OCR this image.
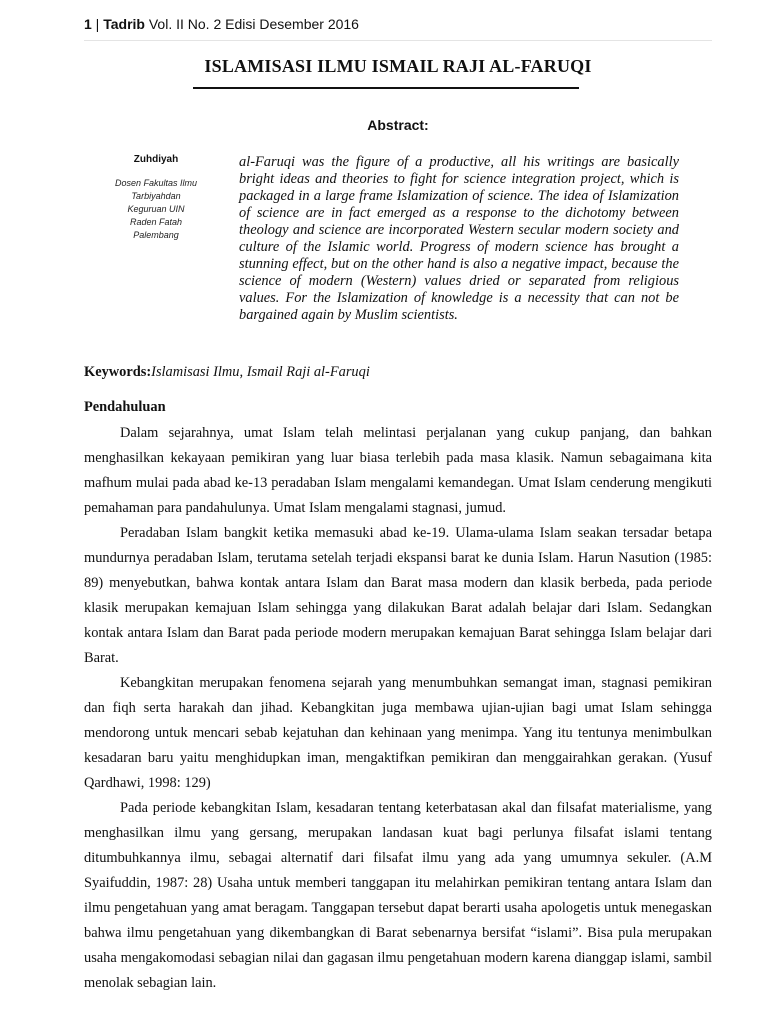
1 | Tadrib Vol. II No. 2 Edisi Desember 2016
ISLAMISASI ILMU ISMAIL RAJI AL-FARUQI
Abstract:
Zuhdiyah
Dosen Fakultas Ilmu
Tarbiyahdan
Keguruan UIN
Raden Fatah
Palembang

al-Faruqi was the figure of a productive, all his writings are basically bright ideas and theories to fight for science integration project, which is packaged in a large frame Islamization of science. The idea of Islamization of science are in fact emerged as a response to the dichotomy between theology and science are incorporated Western secular modern society and culture of the Islamic world. Progress of modern science has brought a stunning effect, but on the other hand is also a negative impact, because the science of modern (Western) values dried or separated from religious values. For the Islamization of knowledge is a necessity that can not be bargained again by Muslim scientists.

Keywords:Islamisasi Ilmu, Ismail Raji al-Faruqi
Pendahuluan

Dalam sejarahnya, umat Islam telah melintasi perjalanan yang cukup panjang, dan bahkan menghasilkan kekayaan pemikiran yang luar biasa terlebih pada masa klasik. Namun sebagaimana kita mafhum mulai pada abad ke-13 peradaban Islam mengalami kemandegan. Umat Islam cenderung mengikuti pemahaman para pandahulunya. Umat Islam mengalami stagnasi, jumud.

Peradaban Islam bangkit ketika memasuki abad ke-19. Ulama-ulama Islam seakan tersadar betapa mundurnya peradaban Islam, terutama setelah terjadi ekspansi barat ke dunia Islam. Harun Nasution (1985: 89) menyebutkan, bahwa kontak antara Islam dan Barat masa modern dan klasik berbeda, pada periode klasik merupakan kemajuan Islam sehingga yang dilakukan Barat adalah belajar dari Islam. Sedangkan kontak antara Islam dan Barat pada periode modern merupakan kemajuan Barat sehingga Islam belajar dari Barat.

Kebangkitan merupakan fenomena sejarah yang menumbuhkan semangat iman, stagnasi pemikiran dan fiqh serta harakah dan jihad. Kebangkitan juga membawa ujian-ujian bagi umat Islam sehingga mendorong untuk mencari sebab kejatuhan dan kehinaan yang menimpa. Yang itu tentunya menimbulkan kesadaran baru yaitu menghidupkan iman, mengaktifkan pemikiran dan menggairahkan gerakan. (Yusuf Qardhawi, 1998: 129)

Pada periode kebangkitan Islam, kesadaran tentang keterbatasan akal dan filsafat materialisme, yang menghasilkan ilmu yang gersang, merupakan landasan kuat bagi perlunya filsafat islami tentang ditumbuhkannya ilmu, sebagai alternatif dari filsafat ilmu yang ada yang umumnya sekuler. (A.M Syaifuddin, 1987: 28) Usaha untuk memberi tanggapan itu melahirkan pemikiran tentang antara Islam dan ilmu pengetahuan yang amat beragam. Tanggapan tersebut dapat berarti usaha apologetis untuk menegaskan bahwa ilmu pengetahuan yang dikembangkan di Barat sebenarnya bersifat “islami”. Bisa pula merupakan usaha mengakomodasi sebagian nilai dan gagasan ilmu pengetahuan modern karena dianggap islami, sambil menolak sebagian lain.
